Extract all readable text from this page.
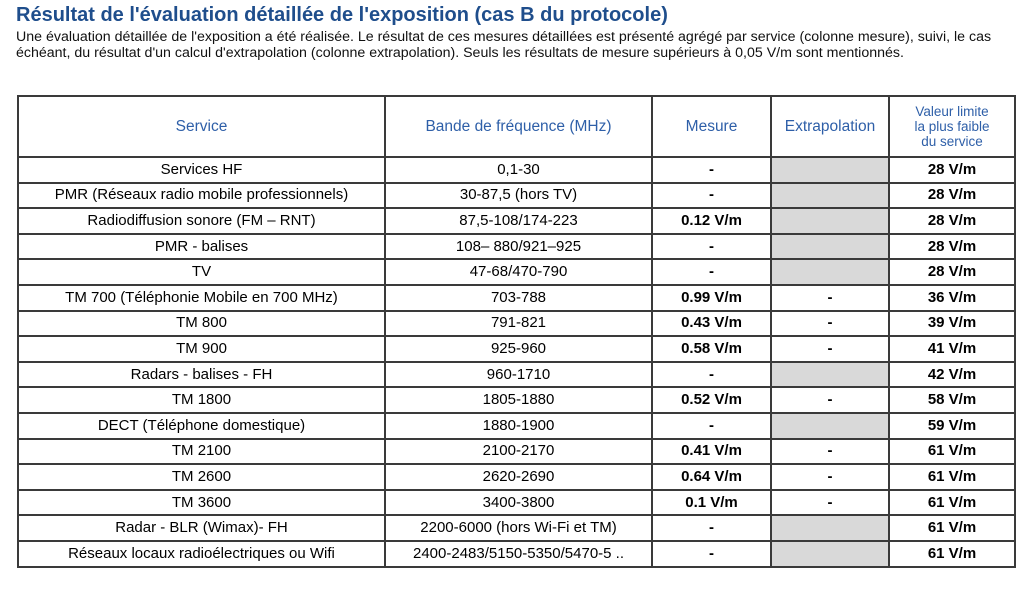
Résultat de l'évaluation détaillée de l'exposition (cas B du protocole)
Une évaluation détaillée de l'exposition a été réalisée. Le résultat de ces mesures détaillées est présenté agrégé par service (colonne mesure), suivi, le cas échéant, du résultat d'un calcul d'extrapolation (colonne extrapolation). Seuls les résultats de mesure supérieurs à 0,05 V/m sont mentionnés.
Service	Bande de fréquence (MHz)	Mesure	Extrapolation	Valeur limite
la plus faible
du service

Services HF	0,1-30	-		28 V/m
PMR (Réseaux radio mobile professionnels)	30-87,5 (hors TV)	-		28 V/m
Radiodiffusion sonore (FM – RNT)	87,5-108/174-223	0.12 V/m		28 V/m
PMR - balises	108– 880/921–925	-		28 V/m
TV	47-68/470-790	-		28 V/m
TM 700 (Téléphonie Mobile en 700 MHz)	703-788	0.99 V/m	-	36 V/m
TM 800	791-821	0.43 V/m	-	39 V/m
TM 900	925-960	0.58 V/m	-	41 V/m
Radars - balises - FH	960-1710	-		42 V/m
TM 1800	1805-1880	0.52 V/m	-	58 V/m
DECT (Téléphone domestique)	1880-1900	-		59 V/m
TM 2100	2100-2170	0.41 V/m	-	61 V/m
TM 2600	2620-2690	0.64 V/m	-	61 V/m
TM 3600	3400-3800	0.1 V/m	-	61 V/m
Radar - BLR (Wimax)- FH	2200-6000 (hors Wi-Fi et TM)	-		61 V/m
Réseaux locaux radioélectriques ou Wifi	2400-2483/5150-5350/5470-5 ..	-		61 V/m
